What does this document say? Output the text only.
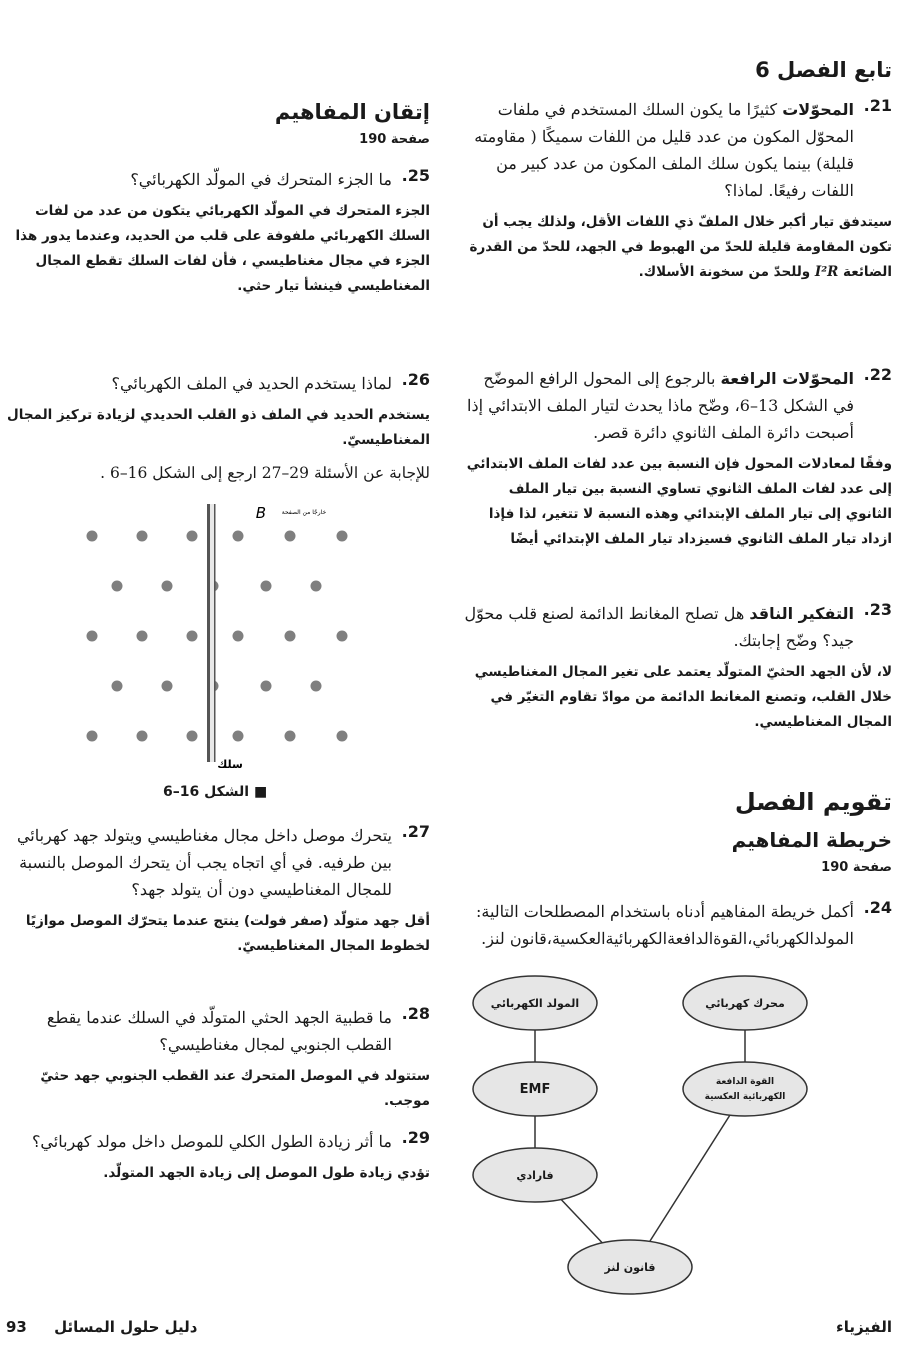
تابع الفصل 6
21.
المحوّلات كثيرًا ما يكون السلك المستخدم في ملفات المحوّل المكون من عدد قليل من اللفات سميكًا ( مقاومته قليلة) بينما يكون سلك الملف المكون من عدد كبير من اللفات رفيعًا. لماذا؟
سيتدفق تيار أكبر خلال الملفّ ذي اللفات الأقل، ولذلك يجب أن تكون المقاومة قليلة للحدّ من الهبوط في الجهد، للحدّ من القدرة الضائعة I²R وللحدّ من سخونة الأسلاك.
22.
المحوّلات الرافعة بالرجوع إلى المحول الرافع الموضّح في الشكل 13–6، وضّح ماذا يحدث لتيار الملف الابتدائي إذا أصبحت دائرة الملف الثانوي دائرة قصر.
وفقًا لمعادلات المحول فإن النسبة بين عدد لفات الملف الابتدائي إلى عدد لفات الملف الثانوي تساوي النسبة بين تيار الملف الثانوي إلى تيار الملف الإبتدائي وهذه النسبة لا تتغير، لذا فإذا ازداد تيار الملف الثانوي فسيزداد تيار الملف الإبتدائي أيضًا
23.
التفكير الناقد هل تصلح المغانط الدائمة لصنع قلب محوّل جيد؟ وضّح إجابتك.
لا، لأن الجهد الحثيّ المتولّد يعتمد على تغير المجال المغناطيسي خلال القلب، وتصنع المغانط الدائمة من موادّ تقاوم التغيّر في المجال المغناطيسي.
تقويم الفصل
خريطة المفاهيم
صفحة 190
24.
أكمل خريطة المفاهيم أدناه باستخدام المصطلحات التالية: المولدالكهربائي،القوةالدافعةالكهربائيةالعكسية،قانون لنز.
المولد الكهربائي	محرك كهربائي
EMF	القوة الدافعة
الكهربائية العكسية
فارادي
قانون لنز
إتقان المفاهيم
صفحة 190
25.
ما الجزء المتحرك في المولّد الكهربائي؟
الجزء المتحرك في المولّد الكهربائي يتكون من عدد من لفات السلك الكهربائي ملفوفة على قلب من الحديد، وعندما يدور هذا الجزء في مجال مغناطيسي ، فأن لفات السلك تقطع المجال المغناطيسي فينشأ تيار حثي.
26.
لماذا يستخدم الحديد في الملف الكهربائي؟
يستخدم الحديد في الملف ذو القلب الحديدي لزيادة تركيز المجال المغناطيسيّ.
للإجابة عن الأسئلة 29–27 ارجع إلى الشكل 16–6 .
B	خارجًا من الصفحة
سلك
■ الشكل 16–6
27.
يتحرك موصل داخل مجال مغناطيسي ويتولد جهد كهربائي بين طرفيه. في أي اتجاه يجب أن يتحرك الموصل بالنسبة للمجال المغناطيسي دون أن يتولد جهد؟
أقل جهد متولّد (صفر فولت) ينتج عندما يتحرّك الموصل موازيًا لخطوط المجال المغناطيسيّ.
28.
ما قطبية الجهد الحثي المتولّد في السلك عندما يقطع القطب الجنوبي لمجال مغناطيسي؟
ستتولد في الموصل المتحرك عند القطب الجنوبي جهد حثيّ موجب.
29.
ما أثر زيادة الطول الكلي للموصل داخل مولد كهربائي؟
تؤدي زيادة طول الموصل إلى زيادة الجهد المتولّد.
الفيزياء
دليل حلول المسائل 93
